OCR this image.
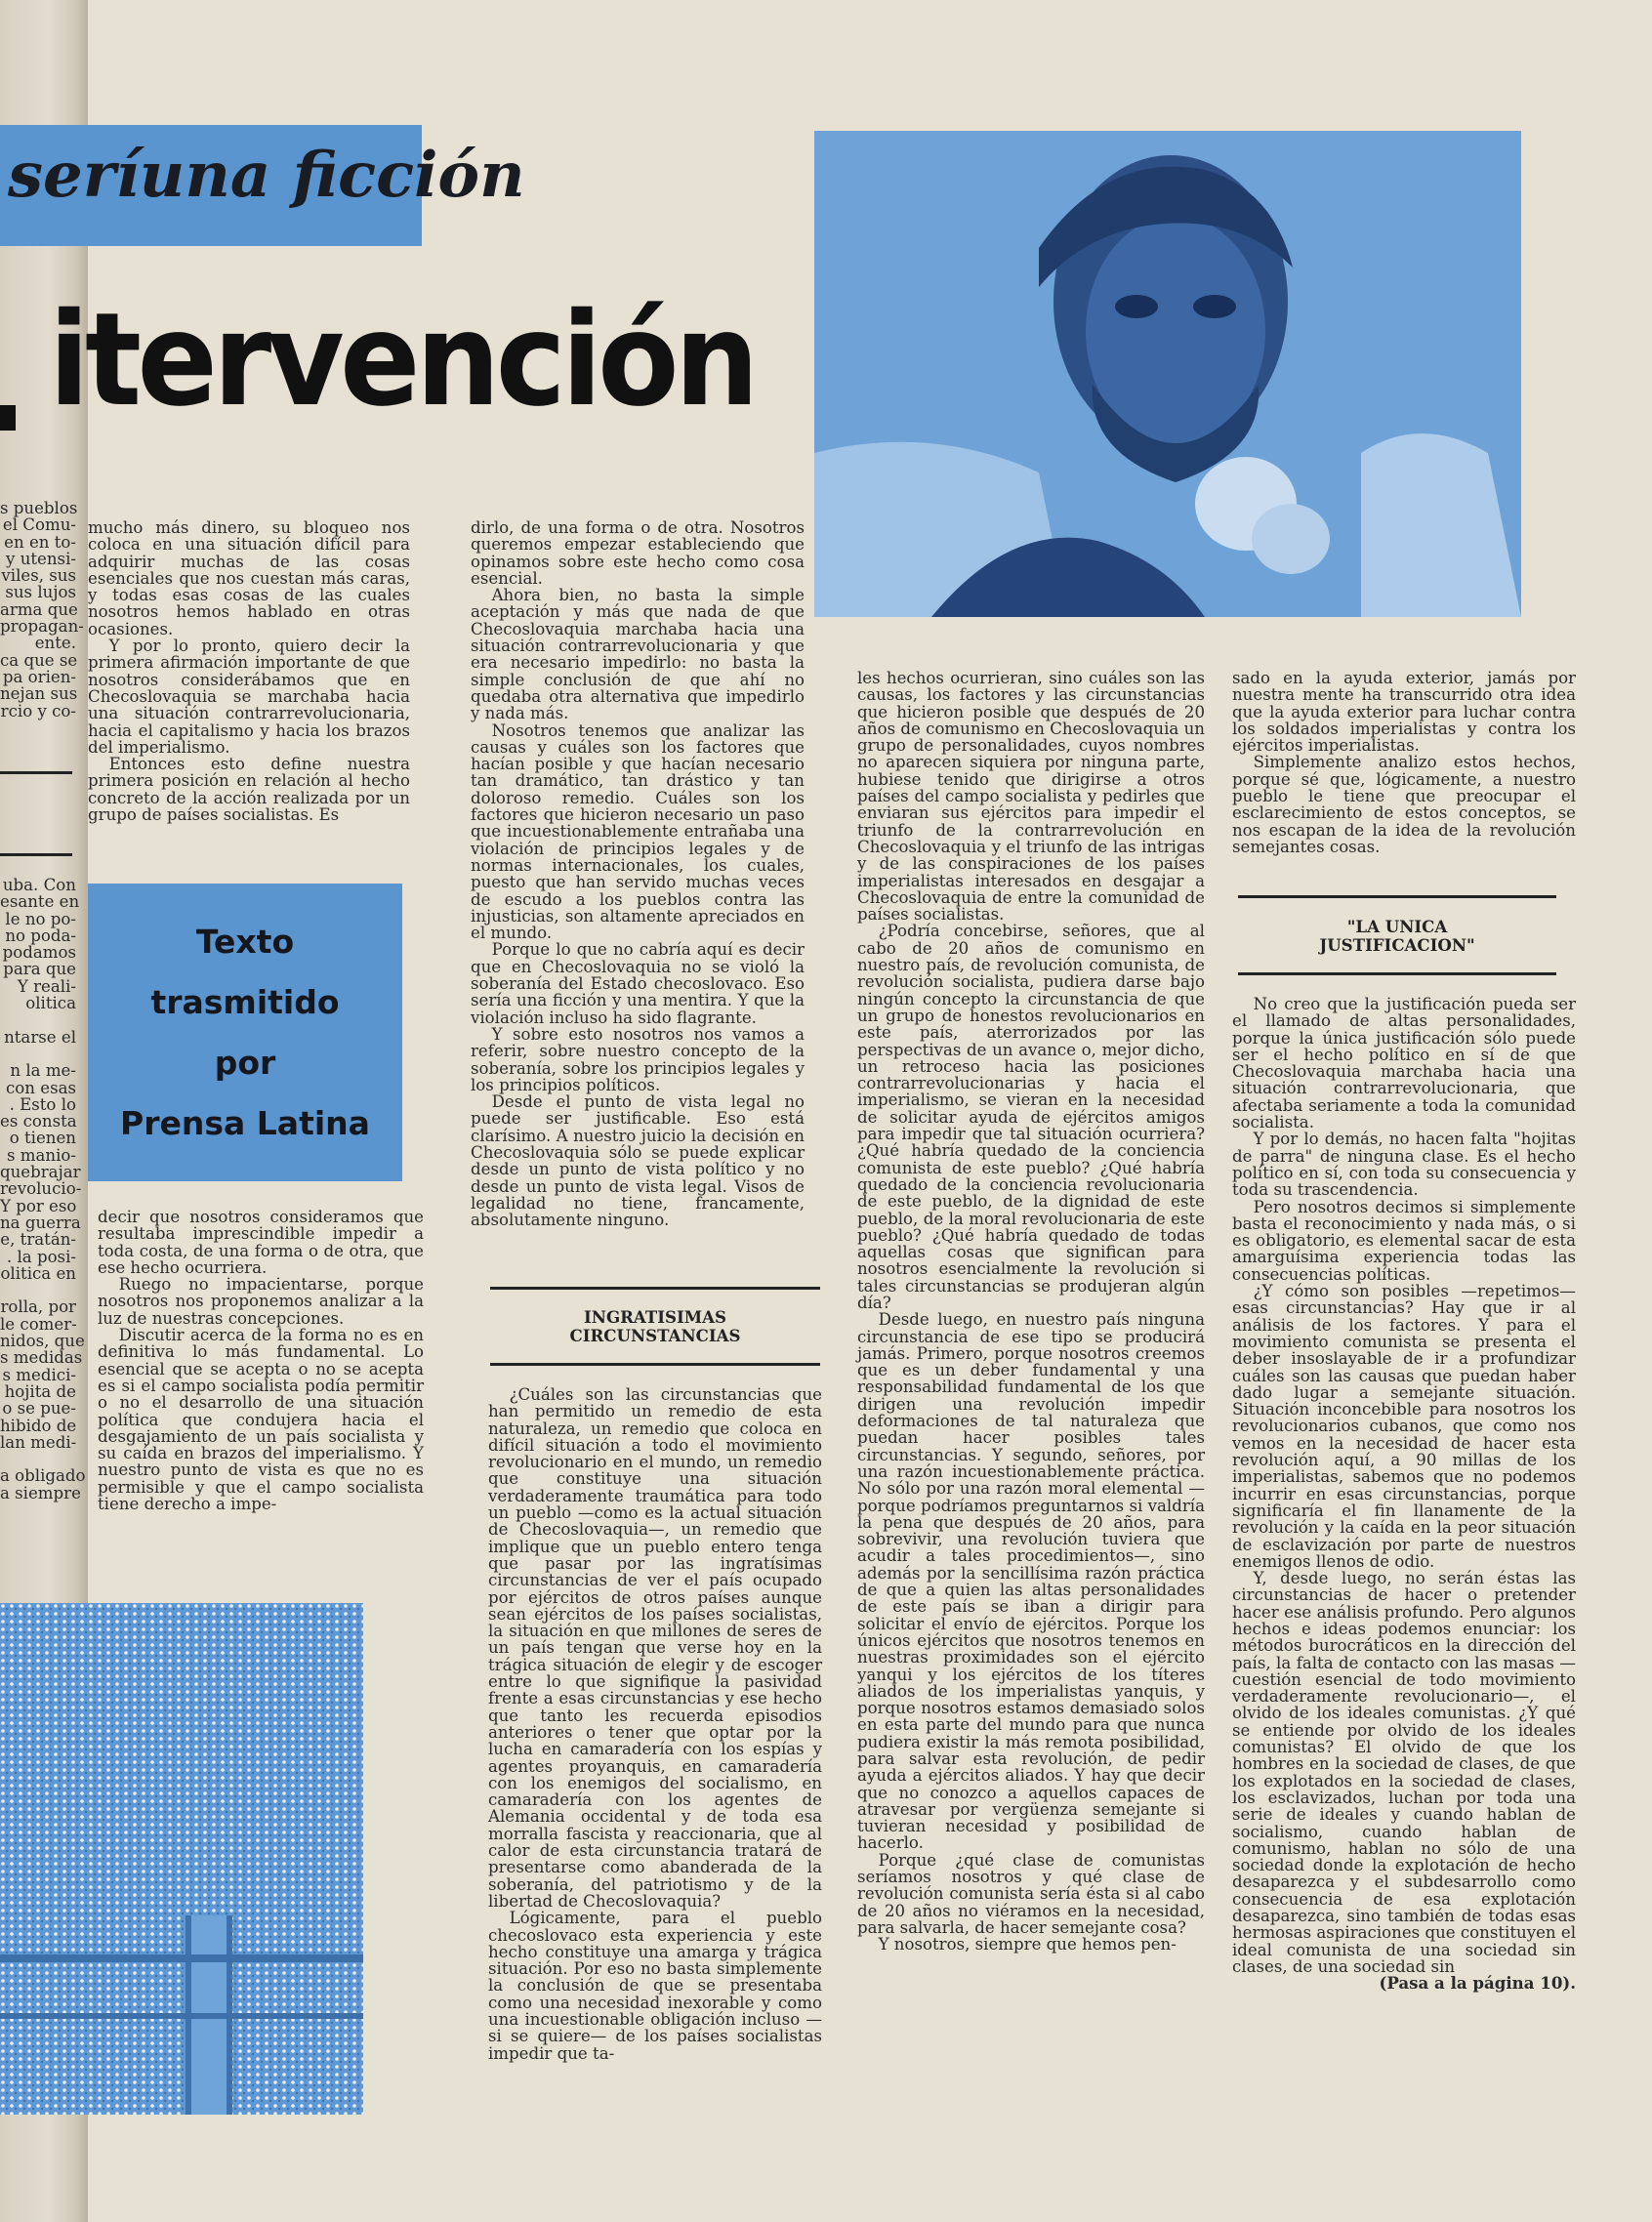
seríuna ficción
itervención
Texto
trasmitido
por
Prensa Latina
s pueblos
el Comu-
en en to-
y utensi-
viles, sus
sus lujos
arma que
propagan-
ente.
ca que se
pa orien-
nejan sus
rcio y co-
uba. Con
esante en
le no po-
no poda-
podamos
para que
Y reali-
olitica

ntarse el

n la me-
con esas
. Esto lo
es consta
o tienen
s manio-
quebrajar
revolucio-
Y por eso
na guerra
e, tratán-
. la posi-
olitica en

rolla, por
le comer-
nidos, que
s medidas
s medici-
hojita de
o se pue-
hibido de
lan medi-

a obligado
a siempre

mucho más dinero, su bloqueo nos coloca en una situación difícil para adquirir muchas de las cosas esenciales que nos cuestan más caras, y todas esas cosas de las cuales nosotros hemos hablado en otras ocasiones.

Y por lo pronto, quiero decir la primera afirmación importante de que nosotros considerábamos que en Checoslovaquia se marchaba hacia una situación contrarrevolucionaria, hacia el capitalismo y hacia los brazos del imperialismo.

Entonces esto define nuestra primera posición en relación al hecho concreto de la acción realizada por un grupo de países socialistas. Es

decir que nosotros consideramos que resultaba imprescindible impedir a toda costa, de una forma o de otra, que ese hecho ocurriera.

Ruego no impacientarse, porque nosotros nos proponemos analizar a la luz de nuestras concepciones.

Discutir acerca de la forma no es en definitiva lo más fundamental. Lo esencial que se acepta o no se acepta es si el campo socialista podía permitir o no el desarrollo de una situación política que condujera hacia el desgajamiento de un país socialista y su caída en brazos del imperialismo. Y nuestro punto de vista es que no es permisible y que el campo socialista tiene derecho a impe-

dirlo, de una forma o de otra. Nosotros queremos empezar estableciendo que opinamos sobre este hecho como cosa esencial.

Ahora bien, no basta la simple aceptación y más que nada de que Checoslovaquia marchaba hacia una situación contrarrevolucionaria y que era necesario impedirlo: no basta la simple conclusión de que ahí no quedaba otra alternativa que impedirlo y nada más.

Nosotros tenemos que analizar las causas y cuáles son los factores que hacían posible y que hacían necesario tan dramático, tan drástico y tan doloroso remedio. Cuáles son los factores que hicieron necesario un paso que incuestionablemente entrañaba una violación de principios legales y de normas internacionales, los cuales, puesto que han servido muchas veces de escudo a los pueblos contra las injusticias, son altamente apreciados en el mundo.

Porque lo que no cabría aquí es decir que en Checoslovaquia no se violó la soberanía del Estado checoslovaco. Eso sería una ficción y una mentira. Y que la violación incluso ha sido flagrante.

Y sobre esto nosotros nos vamos a referir, sobre nuestro concepto de la soberanía, sobre los principios legales y los principios políticos.

Desde el punto de vista legal no puede ser justificable. Eso está clarísimo. A nuestro juicio la decisión en Checoslovaquia sólo se puede explicar desde un punto de vista político y no desde un punto de vista legal. Visos de legalidad no tiene, francamente, absolutamente ninguno.

INGRATISIMAS
CIRCUNSTANCIAS

¿Cuáles son las circunstancias que han permitido un remedio de esta naturaleza, un remedio que coloca en difícil situación a todo el movimiento revolucionario en el mundo, un remedio que constituye una situación verdaderamente traumática para todo un pueblo —como es la actual situación de Checoslovaquia—, un remedio que implique que un pueblo entero tenga que pasar por las ingratísimas circunstancias de ver el país ocupado por ejércitos de otros países aunque sean ejércitos de los países socialistas, la situación en que millones de seres de un país tengan que verse hoy en la trágica situación de elegir y de escoger entre lo que signifique la pasividad frente a esas circunstancias y ese hecho que tanto les recuerda episodios anteriores o tener que optar por la lucha en camaradería con los espías y agentes proyanquis, en camaradería con los enemigos del socialismo, en camaradería con los agentes de Alemania occidental y de toda esa morralla fascista y reaccionaria, que al calor de esta circunstancia tratará de presentarse como abanderada de la soberanía, del patriotismo y de la libertad de Checoslovaquia?

Lógicamente, para el pueblo checoslovaco esta experiencia y este hecho constituye una amarga y trágica situación. Por eso no basta simplemente la conclusión de que se presentaba como una necesidad inexorable y como una incuestionable obligación incluso —si se quiere— de los países socialistas impedir que ta-

les hechos ocurrieran, sino cuáles son las causas, los factores y las circunstancias que hicieron posible que después de 20 años de comunismo en Checoslovaquia un grupo de personalidades, cuyos nombres no aparecen siquiera por ninguna parte, hubiese tenido que dirigirse a otros países del campo socialista y pedirles que enviaran sus ejércitos para impedir el triunfo de la contrarrevolución en Checoslovaquia y el triunfo de las intrigas y de las conspiraciones de los países imperialistas interesados en desgajar a Checoslovaquia de entre la comunidad de países socialistas.

¿Podría concebirse, señores, que al cabo de 20 años de comunismo en nuestro país, de revolución comunista, de revolución socialista, pudiera darse bajo ningún concepto la circunstancia de que un grupo de honestos revolucionarios en este país, aterrorizados por las perspectivas de un avance o, mejor dicho, un retroceso hacia las posiciones contrarrevolucionarias y hacia el imperialismo, se vieran en la necesidad de solicitar ayuda de ejércitos amigos para impedir que tal situación ocurriera? ¿Qué habría quedado de la conciencia comunista de este pueblo? ¿Qué habría quedado de la conciencia revolucionaria de este pueblo, de la dignidad de este pueblo, de la moral revolucionaria de este pueblo? ¿Qué habría quedado de todas aquellas cosas que significan para nosotros esencialmente la revolución si tales circunstancias se produjeran algún día?

Desde luego, en nuestro país ninguna circunstancia de ese tipo se producirá jamás. Primero, porque nosotros creemos que es un deber fundamental y una responsabilidad fundamental de los que dirigen una revolución impedir deformaciones de tal naturaleza que puedan hacer posibles tales circunstancias. Y segundo, señores, por una razón incuestionablemente práctica. No sólo por una razón moral elemental —porque podríamos preguntarnos si valdría la pena que después de 20 años, para sobrevivir, una revolución tuviera que acudir a tales procedimientos—, sino además por la sencillísima razón práctica de que a quien las altas personalidades de este país se iban a dirigir para solicitar el envío de ejércitos. Porque los únicos ejércitos que nosotros tenemos en nuestras proximidades son el ejército yanqui y los ejércitos de los títeres aliados de los imperialistas yanquis, y porque nosotros estamos demasiado solos en esta parte del mundo para que nunca pudiera existir la más remota posibilidad, para salvar esta revolución, de pedir ayuda a ejércitos aliados. Y hay que decir que no conozco a aquellos capaces de atravesar por vergüenza semejante si tuvieran necesidad y posibilidad de hacerlo.

Porque ¿qué clase de comunistas seríamos nosotros y qué clase de revolución comunista sería ésta si al cabo de 20 años no viéramos en la necesidad, para salvarla, de hacer semejante cosa?

Y nosotros, siempre que hemos pen-

sado en la ayuda exterior, jamás por nuestra mente ha transcurrido otra idea que la ayuda exterior para luchar contra los soldados imperialistas y contra los ejércitos imperialistas.

Simplemente analizo estos hechos, porque sé que, lógicamente, a nuestro pueblo le tiene que preocupar el esclarecimiento de estos conceptos, se nos escapan de la idea de la revolución semejantes cosas.

"LA UNICA
JUSTIFICACION"

No creo que la justificación pueda ser el llamado de altas personalidades, porque la única justificación sólo puede ser el hecho político en sí de que Checoslovaquia marchaba hacia una situación contrarrevolucionaria, que afectaba seriamente a toda la comunidad socialista.

Y por lo demás, no hacen falta "hojitas de parra" de ninguna clase. Es el hecho político en sí, con toda su consecuencia y toda su trascendencia.

Pero nosotros decimos si simplemente basta el reconocimiento y nada más, o si es obligatorio, es elemental sacar de esta amarguísima experiencia todas las consecuencias políticas.

¿Y cómo son posibles —repetimos— esas circunstancias? Hay que ir al análisis de los factores. Y para el movimiento comunista se presenta el deber insoslayable de ir a profundizar cuáles son las causas que puedan haber dado lugar a semejante situación. Situación inconcebible para nosotros los revolucionarios cubanos, que como nos vemos en la necesidad de hacer esta revolución aquí, a 90 millas de los imperialistas, sabemos que no podemos incurrir en esas circunstancias, porque significaría el fin llanamente de la revolución y la caída en la peor situación de esclavización por parte de nuestros enemigos llenos de odio.

Y, desde luego, no serán éstas las circunstancias de hacer o pretender hacer ese análisis profundo. Pero algunos hechos e ideas podemos enunciar: los métodos burocráticos en la dirección del país, la falta de contacto con las masas —cuestión esencial de todo movimiento verdaderamente revolucionario—, el olvido de los ideales comunistas. ¿Y qué se entiende por olvido de los ideales comunistas? El olvido de que los hombres en la sociedad de clases, de que los explotados en la sociedad de clases, los esclavizados, luchan por toda una serie de ideales y cuando hablan de socialismo, cuando hablan de comunismo, hablan no sólo de una sociedad donde la explotación de hecho desaparezca y el subdesarrollo como consecuencia de esa explotación desaparezca, sino también de todas esas hermosas aspiraciones que constituyen el ideal comunista de una sociedad sin clases, de una sociedad sin

(Pasa a la página 10).
